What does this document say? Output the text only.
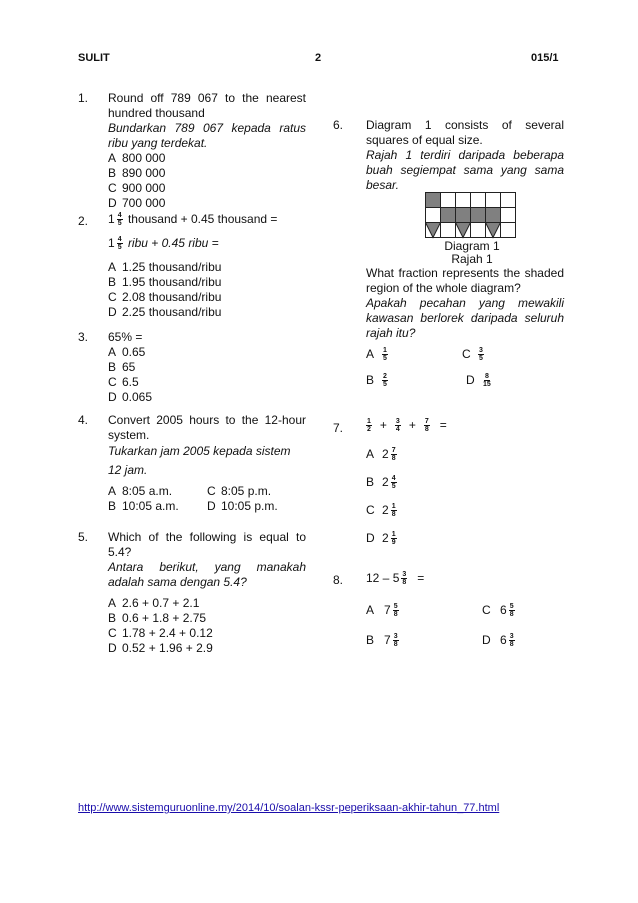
SULIT	2	015/1
1. Round off 789 067 to the nearest hundred thousand
Bundarkan 789 067 kepada ratus ribu yang terdekat.
A 800 000
B 890 000
C 900 000
D 700 000
2. $1 \frac{4}{5}$ thousand + 0.45 thousand =
$1 \frac{4}{5}$ ribu + 0.45 ribu =
A 1.25 thousand/ribu
B 1.95 thousand/ribu
C 2.08 thousand/ribu
D 2.25 thousand/ribu
3. 65% =
A 0.65
B 65
C 6.5
D 0.065
4. Convert 2005 hours to the 12-hour system.
Tukarkan jam 2005 kepada sistem
12 jam.
A 8:05 a.m.	C 8:05 p.m.
B 10:05 a.m. D 10:05 p.m.
5. Which of the following is equal to 5.4?
Antara berikut, yang manakah adalah sama dengan 5.4?
A 2.6 + 0.7 + 2.1
B 0.6 + 1.8 + 2.75
C 1.78 + 2.4 + 0.12
D 0.52 + 1.96 + 2.9
6. Diagram 1 consists of several squares of equal size.
Rajah 1 terdiri daripada beberapa buah segiempat sama yang sama besar.
Diagram 1
Rajah 1
What fraction represents the shaded region of the whole diagram?
Apakah pecahan yang mewakili kawasan berlorek daripada seluruh rajah itu?
A	$\frac{1}{5}$	C	$\frac{3}{5}$
B	$\frac{2}{5}$	D	$\frac{8}{15}$
7.	$\frac{1}{2} + \frac{3}{4} + \frac{7}{8}$ =
A $2 \frac{7}{8}$
B $2 \frac{4}{5}$
C $2 \frac{1}{8}$
D $2 \frac{1}{9}$
8. $12 - 5 \frac{3}{8}$ =
A $7 \frac{5}{8}$	C $6 \frac{5}{8}$
B $7 \frac{3}{8}$	D $6 \frac{3}{8}$
http://www.sistemguruonline.my/2014/10/soalan-kssr-peperiksaan-akhir-tahun_77.html
